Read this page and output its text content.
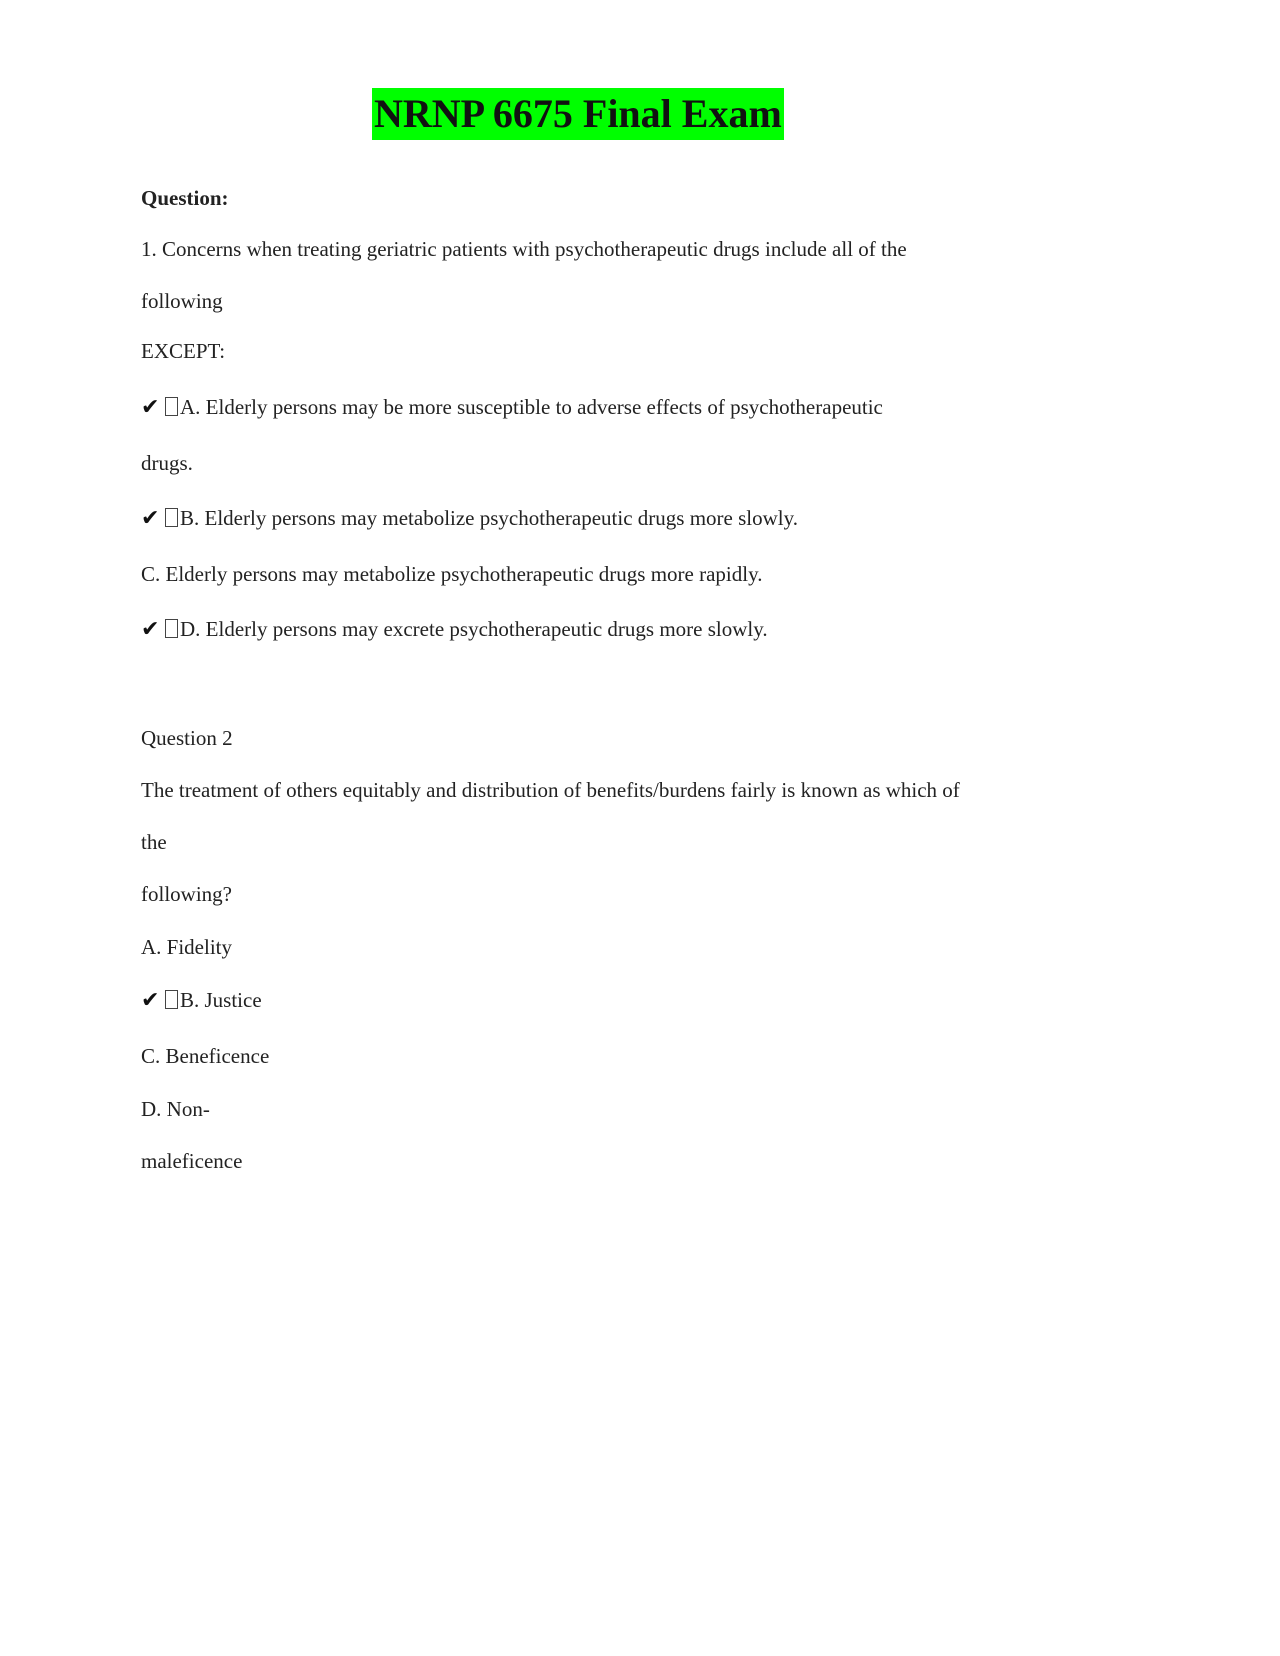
NRNP 6675 Final Exam
Question:
1. Concerns when treating geriatric patients with psychotherapeutic drugs include all of the
following
EXCEPT:
✔ A. Elderly persons may be more susceptible to adverse effects of psychotherapeutic
drugs.
✔ B. Elderly persons may metabolize psychotherapeutic drugs more slowly.
C. Elderly persons may metabolize psychotherapeutic drugs more rapidly.
✔ D. Elderly persons may excrete psychotherapeutic drugs more slowly.
Question 2
The treatment of others equitably and distribution of benefits/burdens fairly is known as which of
the
following?
A. Fidelity
✔ B. Justice
C. Beneficence
D. Non-
maleficence
